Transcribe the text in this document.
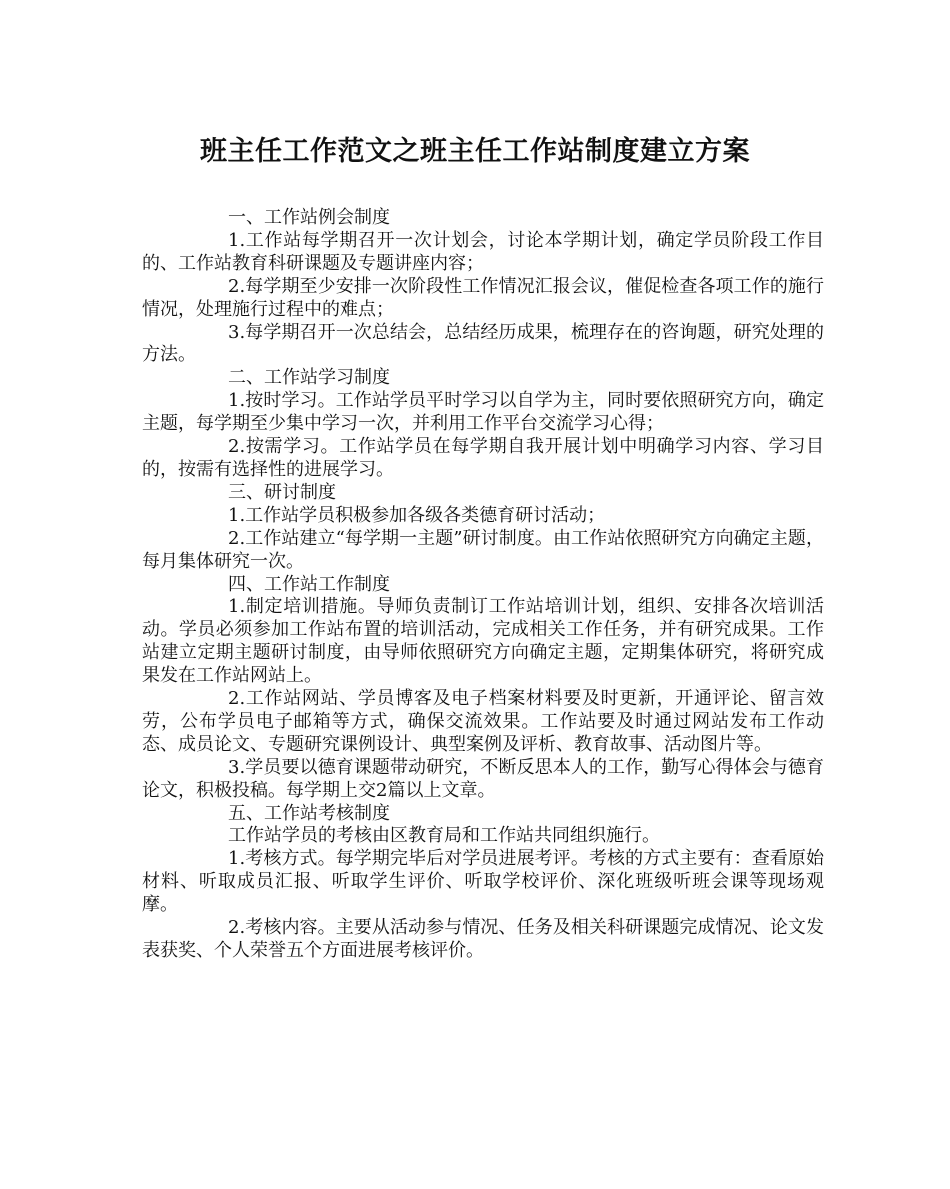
班主任工作范文之班主任工作站制度建立方案

一、工作站例会制度

1.工作站每学期召开一次计划会，讨论本学期计划，确定学员阶段工作目的、工作站教育科研课题及专题讲座内容；

2.每学期至少安排一次阶段性工作情况汇报会议，催促检查各项工作的施行情况，处理施行过程中的难点；

3.每学期召开一次总结会，总结经历成果，梳理存在的咨询题，研究处理的方法。

二、工作站学习制度

1.按时学习。工作站学员平时学习以自学为主，同时要依照研究方向，确定主题，每学期至少集中学习一次，并利用工作平台交流学习心得；

2.按需学习。工作站学员在每学期自我开展计划中明确学习内容、学习目的，按需有选择性的进展学习。

三、研讨制度

1.工作站学员积极参加各级各类德育研讨活动；

2.工作站建立“每学期一主题”研讨制度。由工作站依照研究方向确定主题，每月集体研究一次。

四、工作站工作制度

1.制定培训措施。导师负责制订工作站培训计划，组织、安排各次培训活动。学员必须参加工作站布置的培训活动，完成相关工作任务，并有研究成果。工作站建立定期主题研讨制度，由导师依照研究方向确定主题，定期集体研究，将研究成果发在工作站网站上。

2.工作站网站、学员博客及电子档案材料要及时更新，开通评论、留言效劳，公布学员电子邮箱等方式，确保交流效果。工作站要及时通过网站发布工作动态、成员论文、专题研究课例设计、典型案例及评析、教育故事、活动图片等。

3.学员要以德育课题带动研究，不断反思本人的工作，勤写心得体会与德育论文，积极投稿。每学期上交2篇以上文章。

五、工作站考核制度

工作站学员的考核由区教育局和工作站共同组织施行。

1.考核方式。每学期完毕后对学员进展考评。考核的方式主要有：查看原始材料、听取成员汇报、听取学生评价、听取学校评价、深化班级听班会课等现场观摩。

2.考核内容。主要从活动参与情况、任务及相关科研课题完成情况、论文发表获奖、个人荣誉五个方面进展考核评价。
